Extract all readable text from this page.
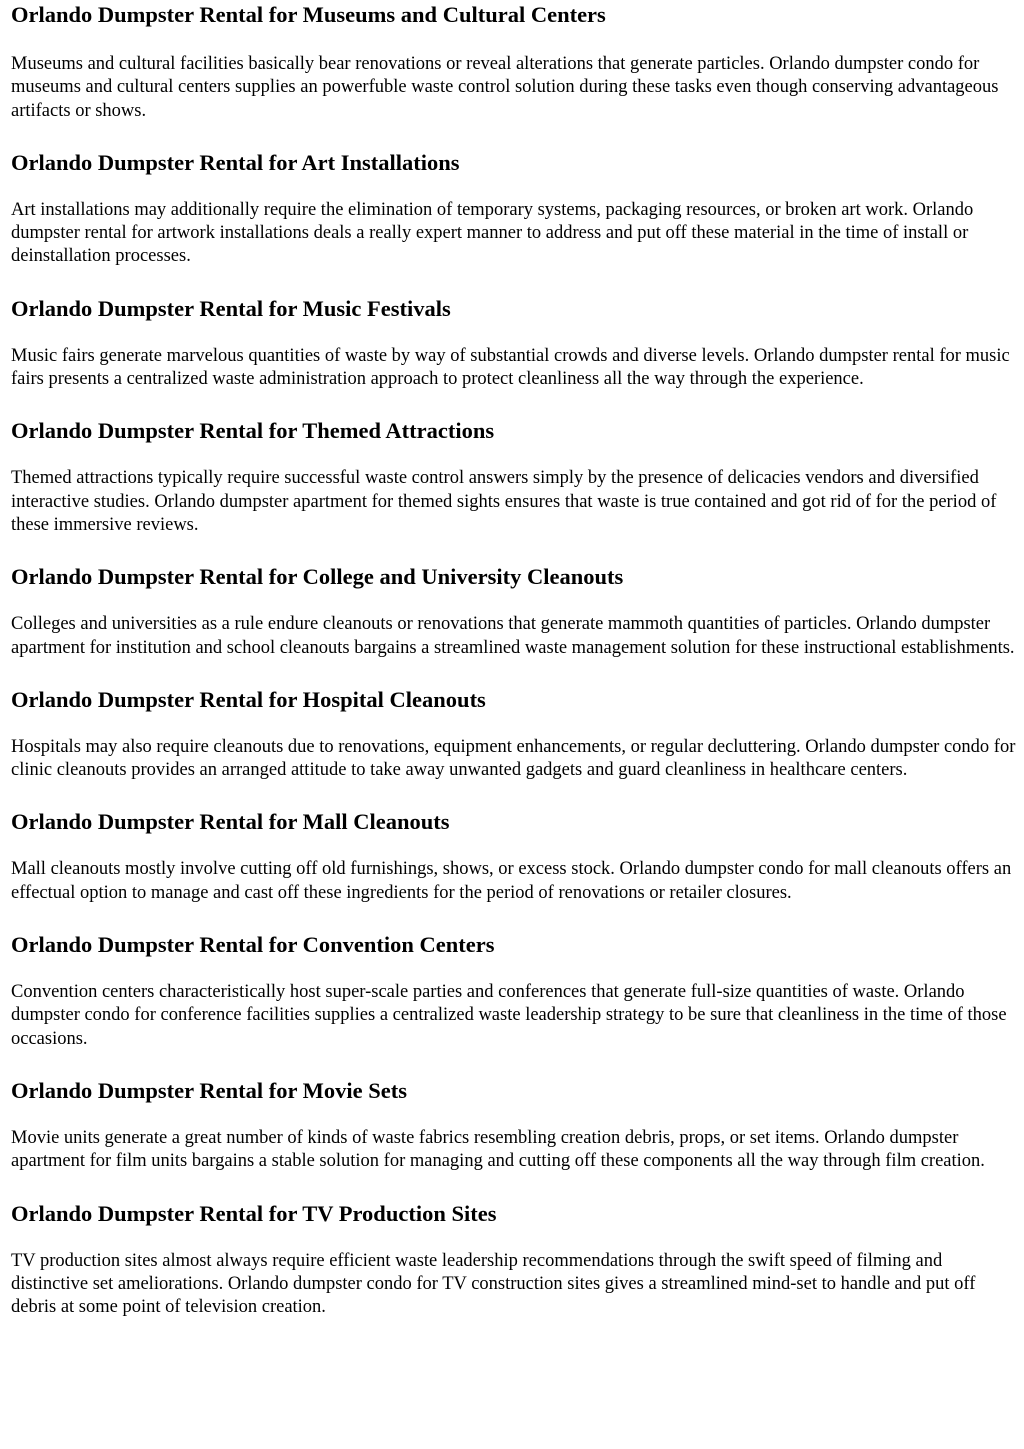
Orlando Dumpster Rental for Museums and Cultural Centers

Museums and cultural facilities basically bear renovations or reveal alterations that generate particles. Orlando dumpster condo for museums and cultural centers supplies an powerfuble waste control solution during these tasks even though conserving advantageous artifacts or shows.

Orlando Dumpster Rental for Art Installations

Art installations may additionally require the elimination of temporary systems, packaging resources, or broken art work. Orlando dumpster rental for artwork installations deals a really expert manner to address and put off these material in the time of install or deinstallation processes.

Orlando Dumpster Rental for Music Festivals

Music fairs generate marvelous quantities of waste by way of substantial crowds and diverse levels. Orlando dumpster rental for music fairs presents a centralized waste administration approach to protect cleanliness all the way through the experience.

Orlando Dumpster Rental for Themed Attractions

Themed attractions typically require successful waste control answers simply by the presence of delicacies vendors and diversified interactive studies. Orlando dumpster apartment for themed sights ensures that waste is true contained and got rid of for the period of these immersive reviews.

Orlando Dumpster Rental for College and University Cleanouts

Colleges and universities as a rule endure cleanouts or renovations that generate mammoth quantities of particles. Orlando dumpster apartment for institution and school cleanouts bargains a streamlined waste management solution for these instructional establishments.

Orlando Dumpster Rental for Hospital Cleanouts

Hospitals may also require cleanouts due to renovations, equipment enhancements, or regular decluttering. Orlando dumpster condo for clinic cleanouts provides an arranged attitude to take away unwanted gadgets and guard cleanliness in healthcare centers.

Orlando Dumpster Rental for Mall Cleanouts

Mall cleanouts mostly involve cutting off old furnishings, shows, or excess stock. Orlando dumpster condo for mall cleanouts offers an effectual option to manage and cast off these ingredients for the period of renovations or retailer closures.

Orlando Dumpster Rental for Convention Centers

Convention centers characteristically host super-scale parties and conferences that generate full-size quantities of waste. Orlando dumpster condo for conference facilities supplies a centralized waste leadership strategy to be sure that cleanliness in the time of those occasions.

Orlando Dumpster Rental for Movie Sets

Movie units generate a great number of kinds of waste fabrics resembling creation debris, props, or set items. Orlando dumpster apartment for film units bargains a stable solution for managing and cutting off these components all the way through film creation.

Orlando Dumpster Rental for TV Production Sites

TV production sites almost always require efficient waste leadership recommendations through the swift speed of filming and distinctive set ameliorations. Orlando dumpster condo for TV construction sites gives a streamlined mind-set to handle and put off debris at some point of television creation.
